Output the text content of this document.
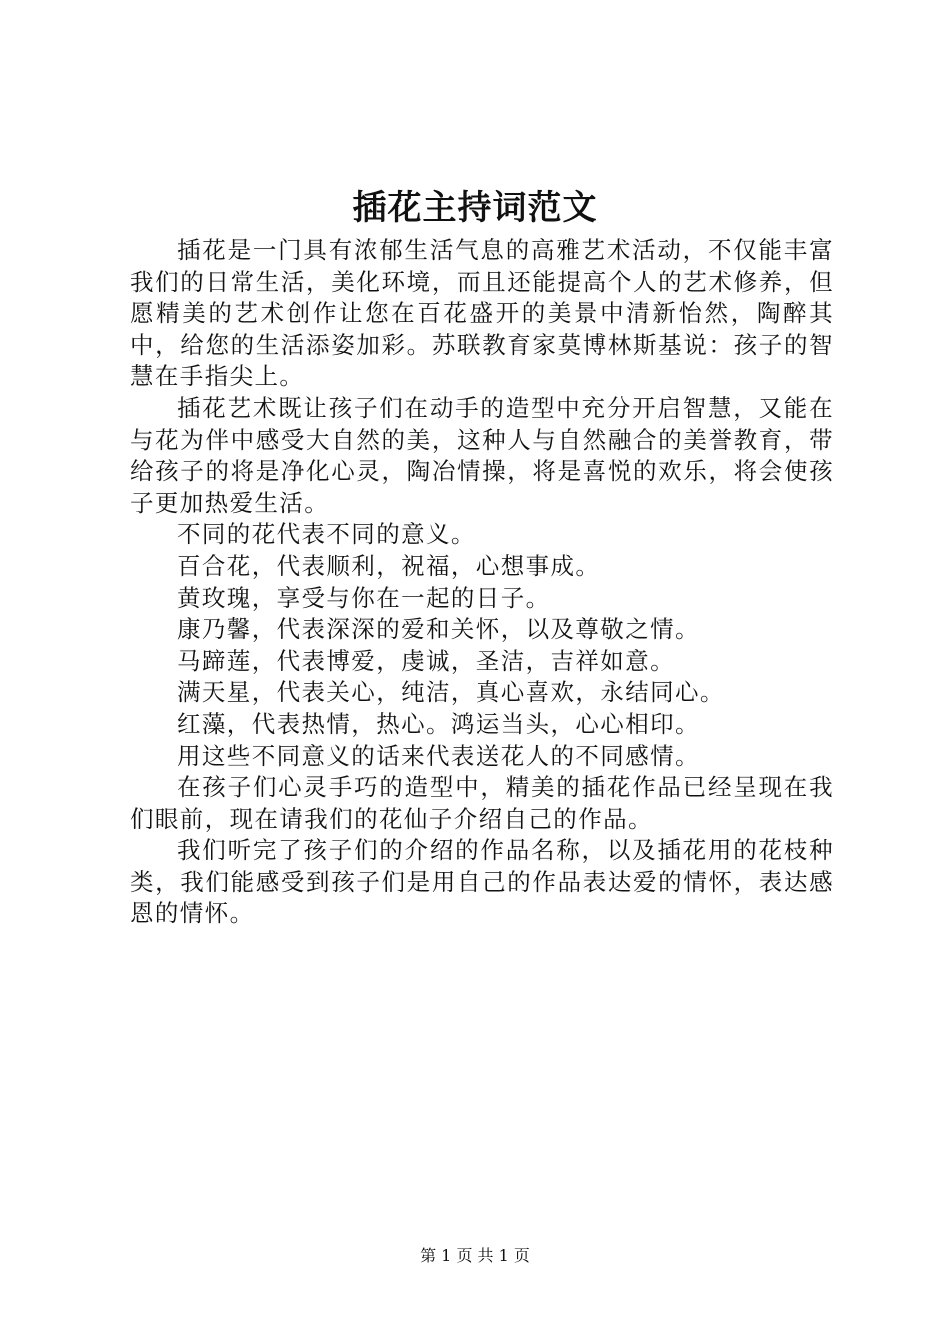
插花主持词范文

插花是一门具有浓郁生活气息的高雅艺术活动，不仅能丰富我们的日常生活，美化环境，而且还能提高个人的艺术修养，但愿精美的艺术创作让您在百花盛开的美景中清新怡然，陶醉其中，给您的生活添姿加彩。苏联教育家莫博林斯基说：孩子的智慧在手指尖上。

插花艺术既让孩子们在动手的造型中充分开启智慧，又能在与花为伴中感受大自然的美，这种人与自然融合的美誉教育，带给孩子的将是净化心灵，陶冶情操，将是喜悦的欢乐，将会使孩子更加热爱生活。

不同的花代表不同的意义。

百合花，代表顺利，祝福，心想事成。

黄玫瑰，享受与你在一起的日子。

康乃馨，代表深深的爱和关怀，以及尊敬之情。

马蹄莲，代表博爱，虔诚，圣洁，吉祥如意。

满天星，代表关心，纯洁，真心喜欢，永结同心。

红藻，代表热情，热心。鸿运当头，心心相印。

用这些不同意义的话来代表送花人的不同感情。

在孩子们心灵手巧的造型中，精美的插花作品已经呈现在我们眼前，现在请我们的花仙子介绍自己的作品。

我们听完了孩子们的介绍的作品名称，以及插花用的花枝种类，我们能感受到孩子们是用自己的作品表达爱的情怀，表达感恩的情怀。

第 1 页 共 1 页
